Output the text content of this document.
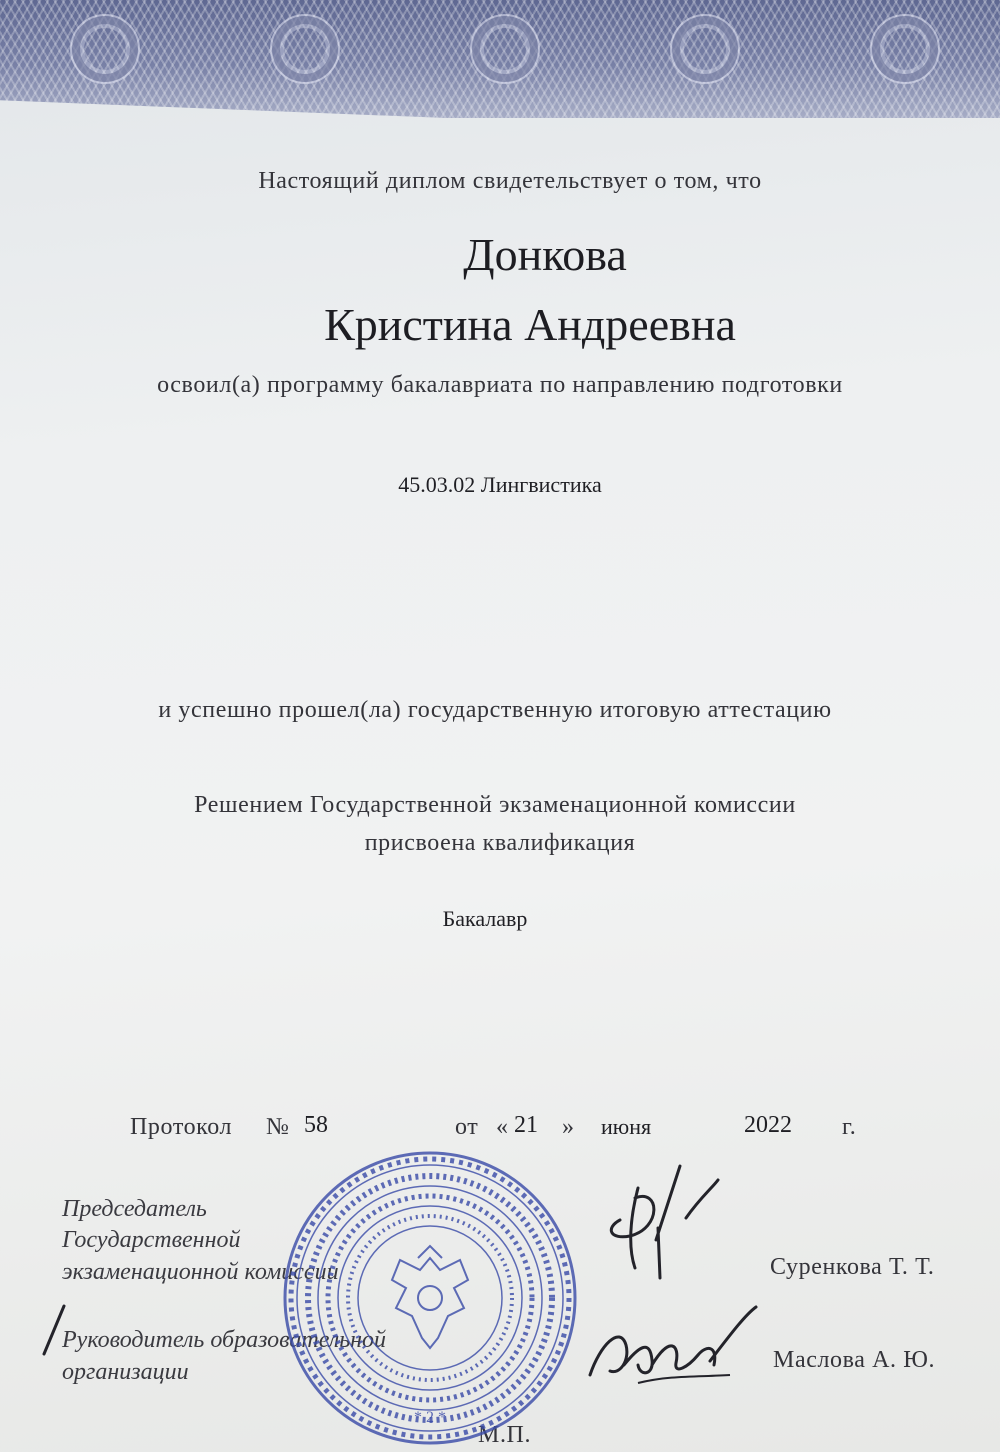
Настоящий диплом свидетельствует о том, что
Донкова
Кристина Андреевна
освоил(а) программу бакалавриата по направлению подготовки
45.03.02 Лингвистика
и успешно прошел(ла) государственную итоговую аттестацию
Решением Государственной экзаменационной комиссии
присвоена квалификация
Бакалавр
Протокол № 58	от « 21 » июня	2022 г.
Председатель
Государственной
экзаменационной комиссии	Суренкова Т. Т.
Руководитель образовательной
организации	Маслова А. Ю.
М.П.
* 2 *
